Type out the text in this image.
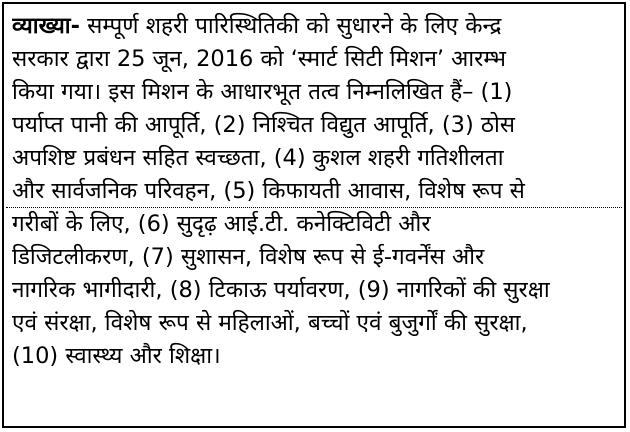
व्याख्या- सम्पूर्ण शहरी पारिस्थितिकी को सुधारने के लिए केन्द्र
सरकार द्वारा 25 जून, 2016 को ‘स्मार्ट सिटी मिशन’ आरम्भ
किया गया। इस मिशन के आधारभूत तत्व निम्नलिखित हैं– (1)
पर्याप्त पानी की आपूर्ति, (2) निश्चित विद्युत आपूर्ति, (3) ठोस
अपशिष्ट प्रबंधन सहित स्वच्छता, (4) कुशल शहरी गतिशीलता
और सार्वजनिक परिवहन, (5) किफायती आवास, विशेष रूप से
गरीबों के लिए, (6) सुदृढ़ आई.टी. कनेक्टिविटी और
डिजिटलीकरण, (7) सुशासन, विशेष रूप से ई-गवर्नेंस और
नागरिक भागीदारी, (8) टिकाऊ पर्यावरण, (9) नागरिकों की सुरक्षा
एवं संरक्षा, विशेष रूप से महिलाओं, बच्चों एवं बुजुर्गों की सुरक्षा,
(10) स्वास्थ्य और शिक्षा।
